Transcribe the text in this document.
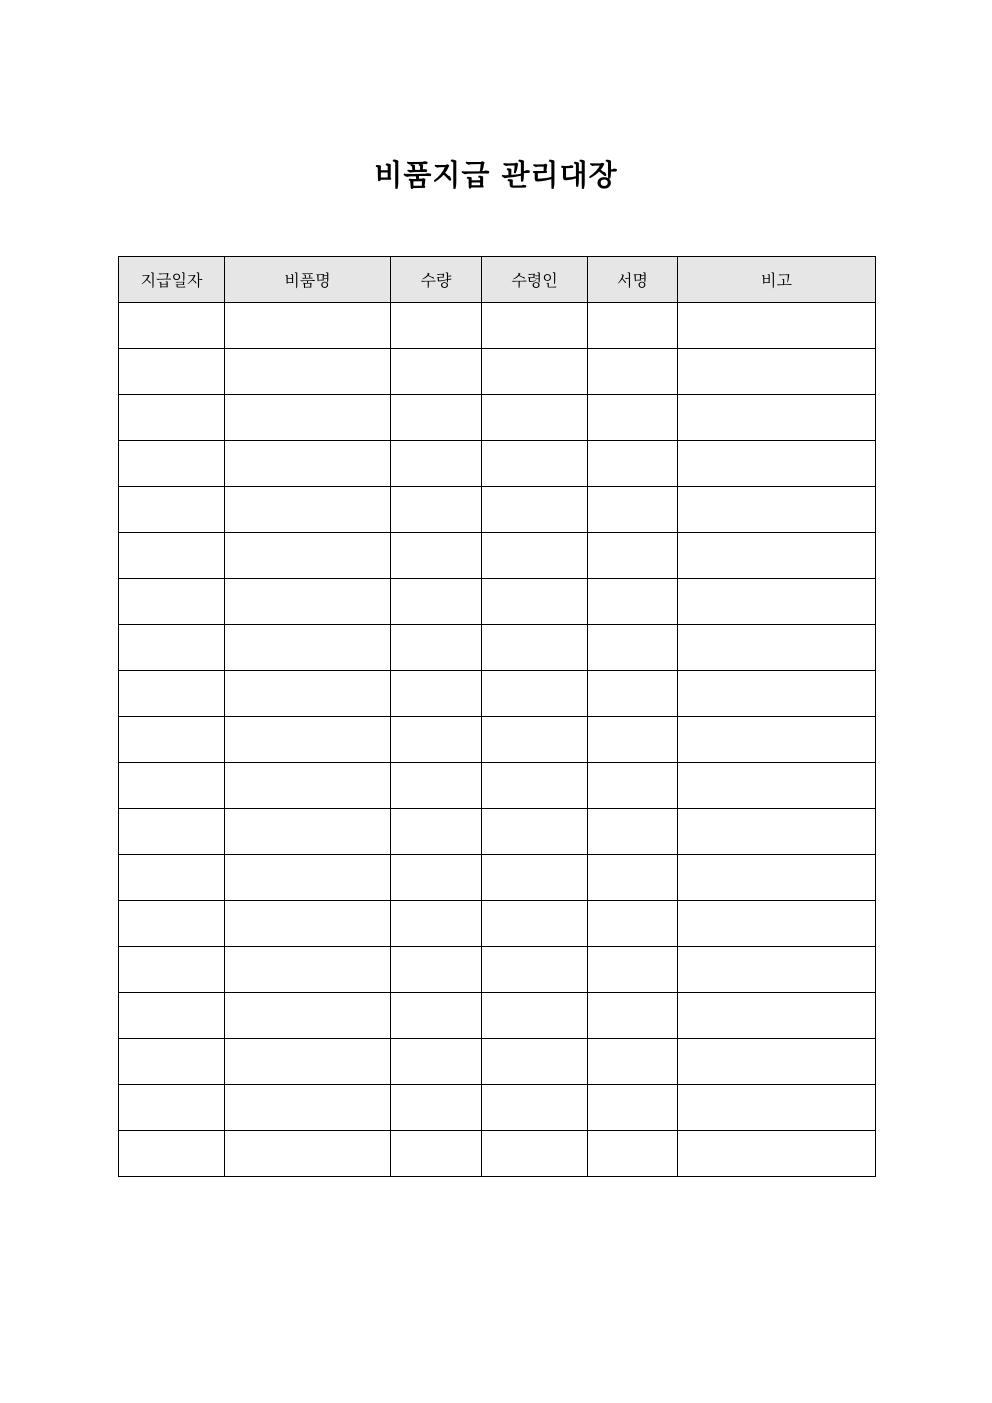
비품지급 관리대장
지급일자	비품명	수량	수령인	서명	비고
